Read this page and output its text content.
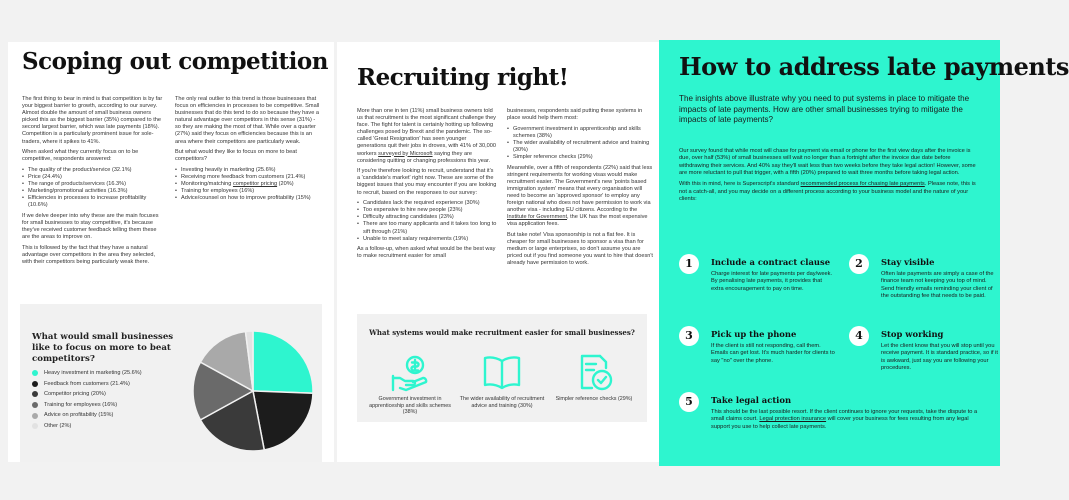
Scoping out competition

The first thing to bear in mind is that competition is by far your biggest barrier to growth, according to our survey. Almost double the amount of small business owners picked this as the biggest barrier (35%) compared to the second largest barrier, which was late payments (18%). Competition is a particularly prominent issue for sole-traders, where it spikes to 41%.

When asked what they currently focus on to be competitive, respondents answered:

• The quality of the product/service (32.1%)
• Price (24.4%)
• The range of products/services (16.3%)
• Marketing/promotional activities (16.3%)
• Efficiencies in processes to increase profitability (10.6%)

If we delve deeper into why these are the main focuses for small businesses to stay competitive, it's because they've received customer feedback telling them these are the areas to improve on.

This is followed by the fact that they have a natural advantage over competitors in the area they selected, with their competitors being particularly weak there.

The only real outlier to this trend is those businesses that focus on efficiencies in processes to be competitive. Small businesses that do this tend to do so because they have a natural advantage over competitors in this sense (31%) - so they are making the most of that. While over a quarter (27%) said they focus on efficiencies because this is an area where their competitors are particularly weak.

But what would they like to focus on more to beat competitors?

• Investing heavily in marketing (25.6%)
• Receiving more feedback from customers (21.4%)
• Monitoring/matching competitor pricing (20%)
• Training for employees (16%)
• Advice/counsel on how to improve profitability (15%)
What would small businesses like to focus on more to beat competitors?
Heavy investment in marketing (25.6%)
Feedback from customers (21.4%)
Competitor pricing (20%)
Training for employees (16%)
Advice on profitability (15%)
Other (2%)
Recruiting right!

More than one in ten (11%) small business owners told us that recruitment is the most significant challenge they face. The fight for talent is certainly hotting up following challenges posed by Brexit and the pandemic. The so-called 'Great Resignation' has seen younger generations quit their jobs in droves, with 41% of 30,000 workers surveyed by Microsoft saying they are considering quitting or changing professions this year.

If you're therefore looking to recruit, understand that it's a 'candidate's market' right now. These are some of the biggest issues that you may encounter if you are looking to recruit, based on the responses to our survey:

• Candidates lack the required experience (30%)
• Too expensive to hire new people (23%)
• Difficulty attracting candidates (23%)
• There are too many applicants and it takes too long to sift through (21%)
• Unable to meet salary requirements (19%)

As a follow-up, when asked what would be the best way to make recruitment easier for small

businesses, respondents said putting these systems in place would help them most:

• Government investment in apprenticeship and skills schemes (38%)
• The wider availability of recruitment advice and training (30%)
• Simpler reference checks (29%)

Meanwhile, over a fifth of respondents (22%) said that less stringent requirements for working visas would make recruitment easier. The Government's new 'points based immigration system' means that every organisation will need to become an 'approved sponsor' to employ any foreign national who does not have permission to work via another visa - including EU citizens. According to the Institute for Government, the UK has the most expensive visa application fees.

But take note! Visa sponsorship is not a flat fee. It is cheaper for small businesses to sponsor a visa than for medium or large enterprises, so don't assume you are priced out if you find someone you want to hire that doesn't already have permission to work.

What systems would make recruitment easier for small businesses?
Government investment in apprenticeship and skills schemes (38%)
The wider availability of recruitment advice and training (30%)
Simpler reference checks (29%)
How to address late payments
The insights above illustrate why you need to put systems in place to mitigate the impacts of late payments. How are other small businesses trying to mitigate the impacts of late payments?

Our survey found that while most will chase for payment via email or phone for the first view days after the invoice is due, over half (53%) of small businesses will wait no longer than a fortnight after the invoice due date before withdrawing their services. And 40% say they'll wait less than two weeks before they take legal action! However, some are more reluctant to pull that trigger, with a fifth (20%) prepared to wait three months before taking legal action.

With this in mind, here is Superscript's standard recommended process for chasing late payments. Please note, this is not a catch-all, and you may decide on a different process according to your business model and the nature of your clients:

1	Include a contract clause
Charge interest for late payments per day/week. By penalising late payments, it provides that extra encouragement to pay on time.
2	Stay visible
Often late payments are simply a case of the finance team not keeping you top of mind. Send friendly emails reminding your client of the outstanding fee that needs to be paid.
3	Pick up the phone
If the client is still not responding, call them. Emails can get lost. It's much harder for clients to say "no" over the phone.
4	Stop working
Let the client know that you will stop until you receive payment. It is standard practice, so if it is awkward, just say you are following your procedures.
5	Take legal action
This should be the last possible resort. If the client continues to ignore your requests, take the dispute to a small claims court. Legal protection insurance will cover your business for fees resulting from any legal support you use to help collect late payments.
